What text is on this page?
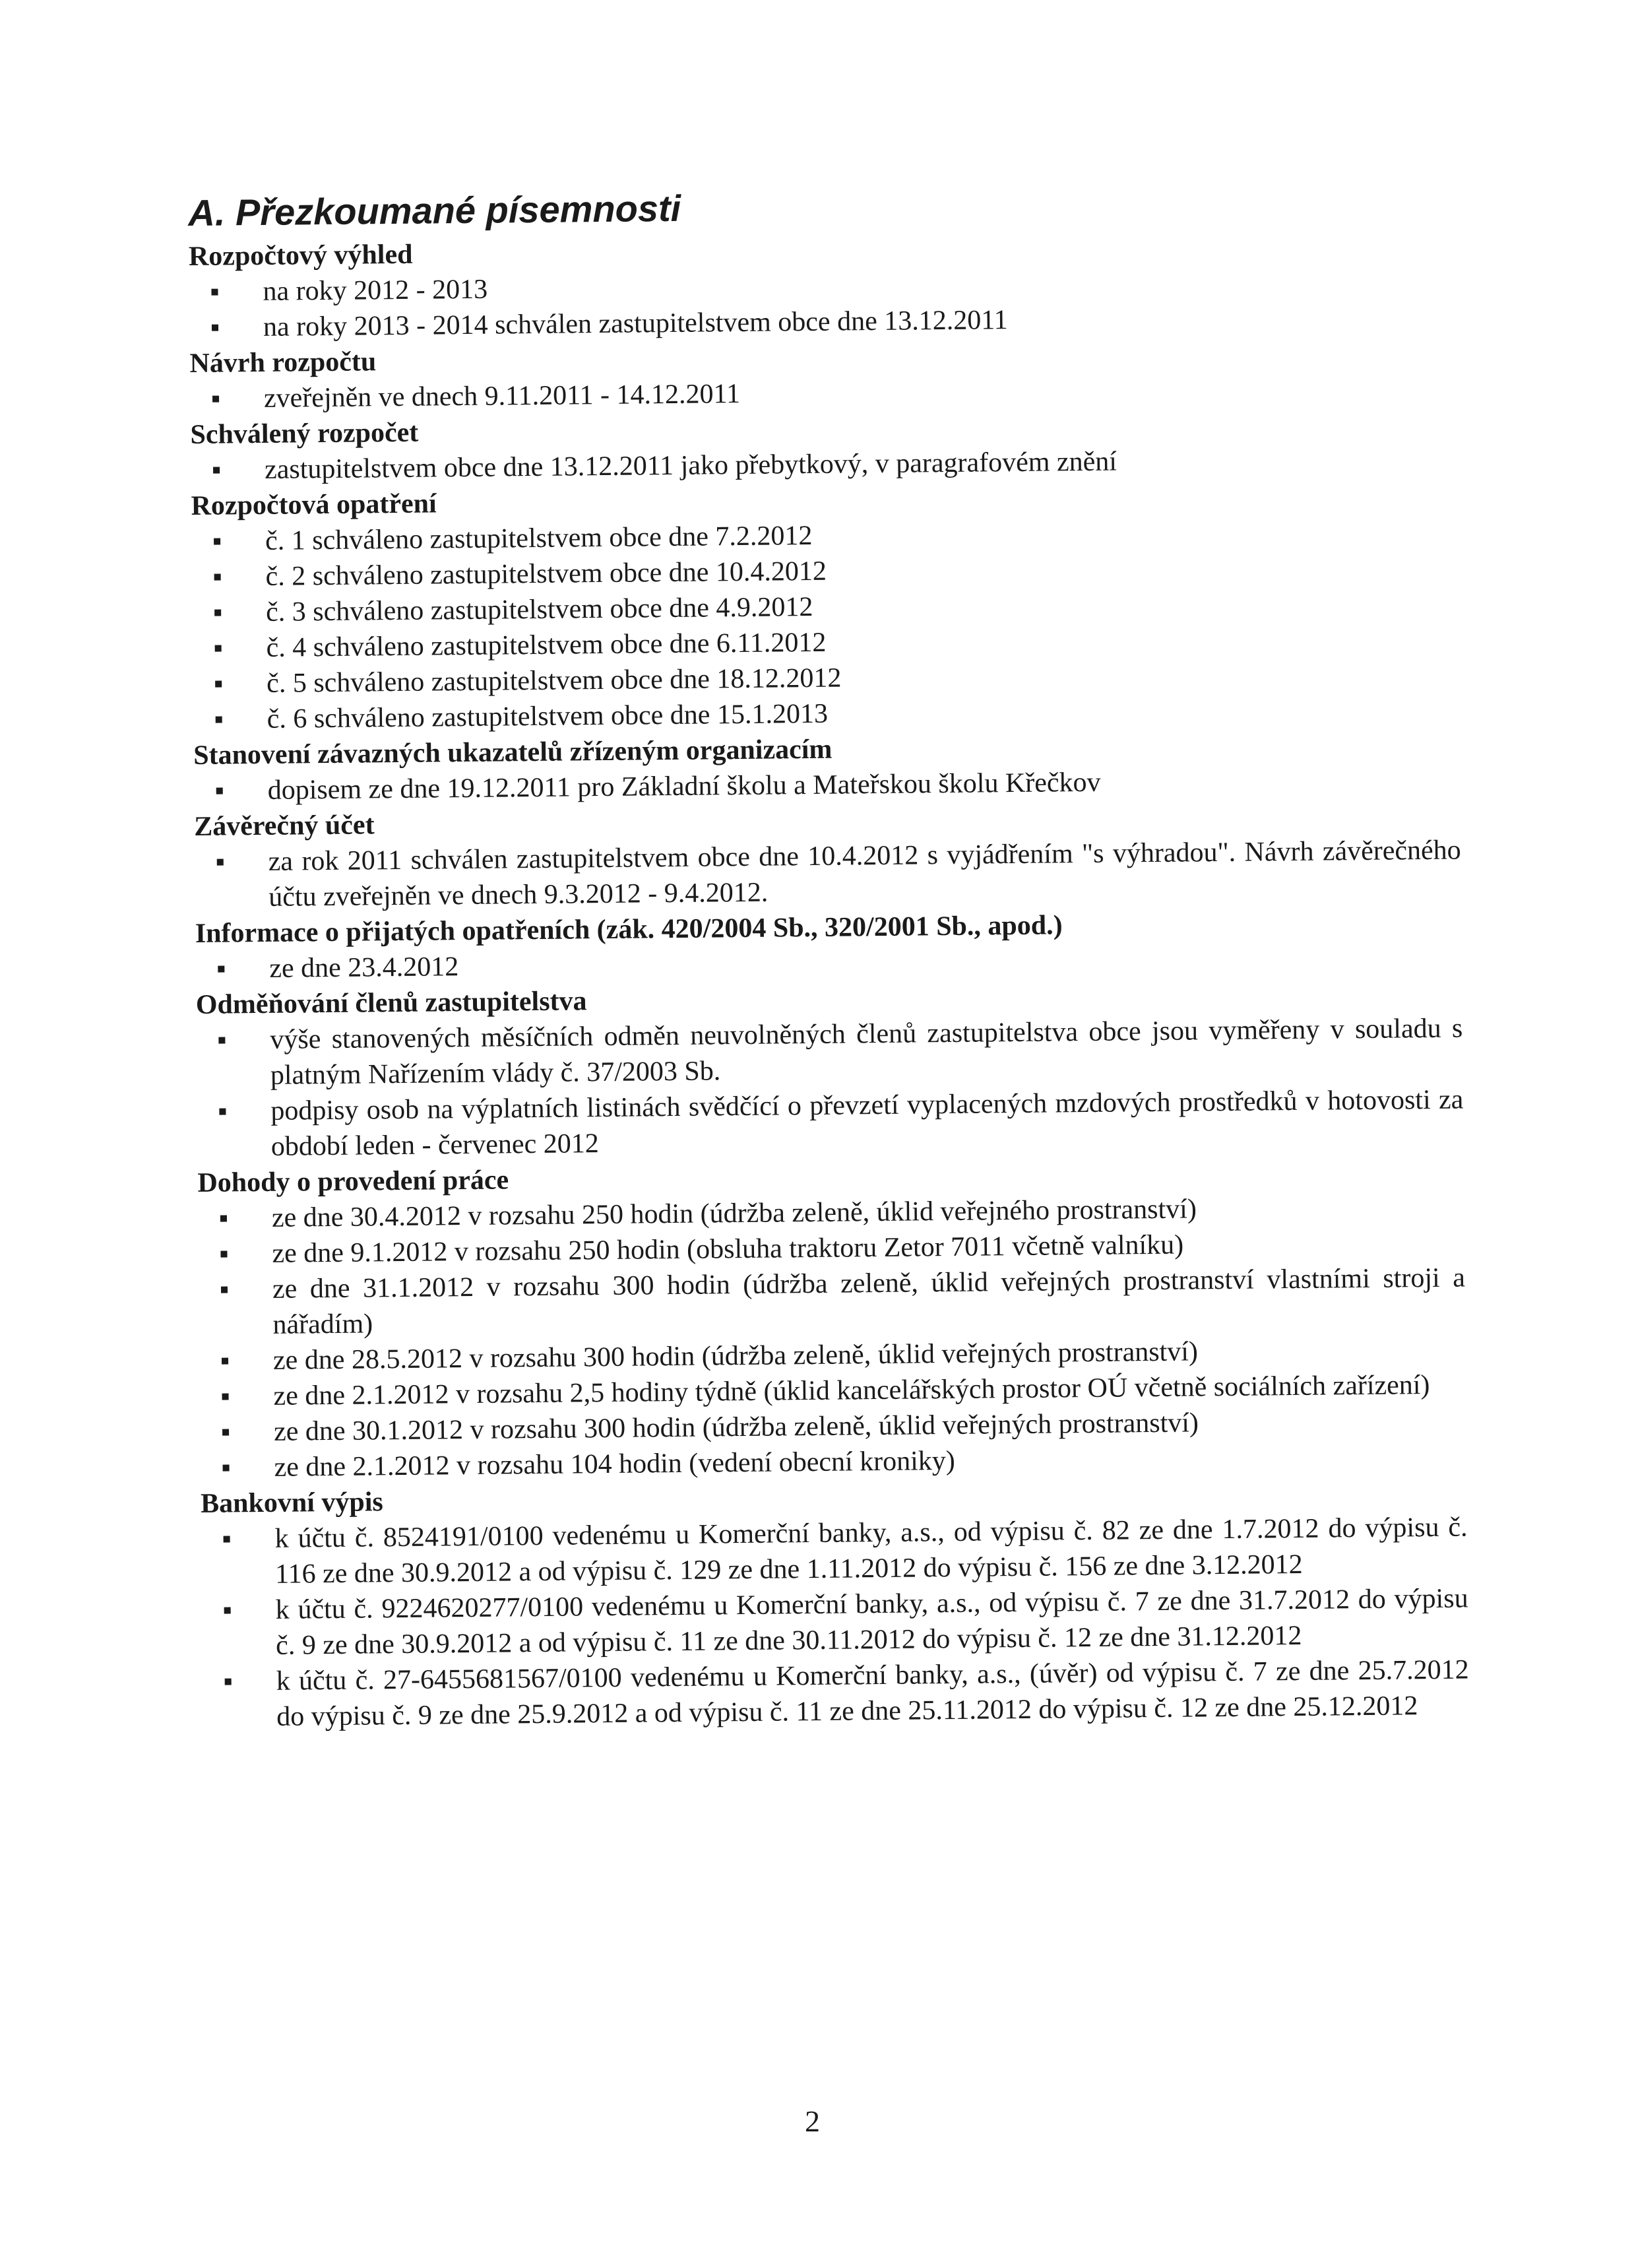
A. Přezkoumané písemnosti
Rozpočtový výhled
na roky 2012 - 2013
na roky 2013 - 2014 schválen zastupitelstvem obce dne 13.12.2011
Návrh rozpočtu
zveřejněn ve dnech 9.11.2011 - 14.12.2011
Schválený rozpočet
zastupitelstvem obce dne 13.12.2011 jako přebytkový, v paragrafovém znění
Rozpočtová opatření
č. 1 schváleno zastupitelstvem obce dne 7.2.2012
č. 2 schváleno zastupitelstvem obce dne 10.4.2012
č. 3 schváleno zastupitelstvem obce dne 4.9.2012
č. 4 schváleno zastupitelstvem obce dne 6.11.2012
č. 5 schváleno zastupitelstvem obce dne 18.12.2012
č. 6 schváleno zastupitelstvem obce dne 15.1.2013
Stanovení závazných ukazatelů zřízeným organizacím
dopisem ze dne 19.12.2011 pro Základní školu a Mateřskou školu Křečkov
Závěrečný účet
za rok 2011 schválen zastupitelstvem obce dne 10.4.2012 s vyjádřením "s výhradou". Návrh závěrečného účtu zveřejněn ve dnech 9.3.2012 - 9.4.2012.
Informace o přijatých opatřeních (zák. 420/2004 Sb., 320/2001 Sb., apod.)
ze dne 23.4.2012
Odměňování členů zastupitelstva
výše stanovených měsíčních odměn neuvolněných členů zastupitelstva obce jsou vyměřeny v souladu s platným Nařízením vlády č. 37/2003 Sb.
podpisy osob na výplatních listinách svědčící o převzetí vyplacených mzdových prostředků v hotovosti za období leden - červenec 2012
Dohody o provedení práce
ze dne 30.4.2012 v rozsahu 250 hodin (údržba zeleně, úklid veřejného prostranství)
ze dne 9.1.2012 v rozsahu 250 hodin (obsluha traktoru Zetor 7011 včetně valníku)
ze dne 31.1.2012 v rozsahu 300 hodin (údržba zeleně, úklid veřejných prostranství vlastními stroji a nářadím)
ze dne 28.5.2012 v rozsahu 300 hodin (údržba zeleně, úklid veřejných prostranství)
ze dne 2.1.2012 v rozsahu 2,5 hodiny týdně (úklid kancelářských prostor OÚ včetně sociálních zařízení)
ze dne 30.1.2012 v rozsahu 300 hodin (údržba zeleně, úklid veřejných prostranství)
ze dne 2.1.2012 v rozsahu 104 hodin (vedení obecní kroniky)
Bankovní výpis
k účtu č. 8524191/0100 vedenému u Komerční banky, a.s., od výpisu č. 82 ze dne 1.7.2012 do výpisu č. 116 ze dne 30.9.2012 a od výpisu č. 129 ze dne 1.11.2012 do výpisu č. 156 ze dne 3.12.2012
k účtu č. 9224620277/0100 vedenému u Komerční banky, a.s., od výpisu č. 7 ze dne 31.7.2012 do výpisu č. 9 ze dne 30.9.2012 a od výpisu č. 11 ze dne 30.11.2012 do výpisu č. 12 ze dne 31.12.2012
k účtu č. 27-6455681567/0100 vedenému u Komerční banky, a.s., (úvěr) od výpisu č. 7 ze dne 25.7.2012 do výpisu č. 9 ze dne 25.9.2012 a od výpisu č. 11 ze dne 25.11.2012 do výpisu č. 12 ze dne 25.12.2012
2
